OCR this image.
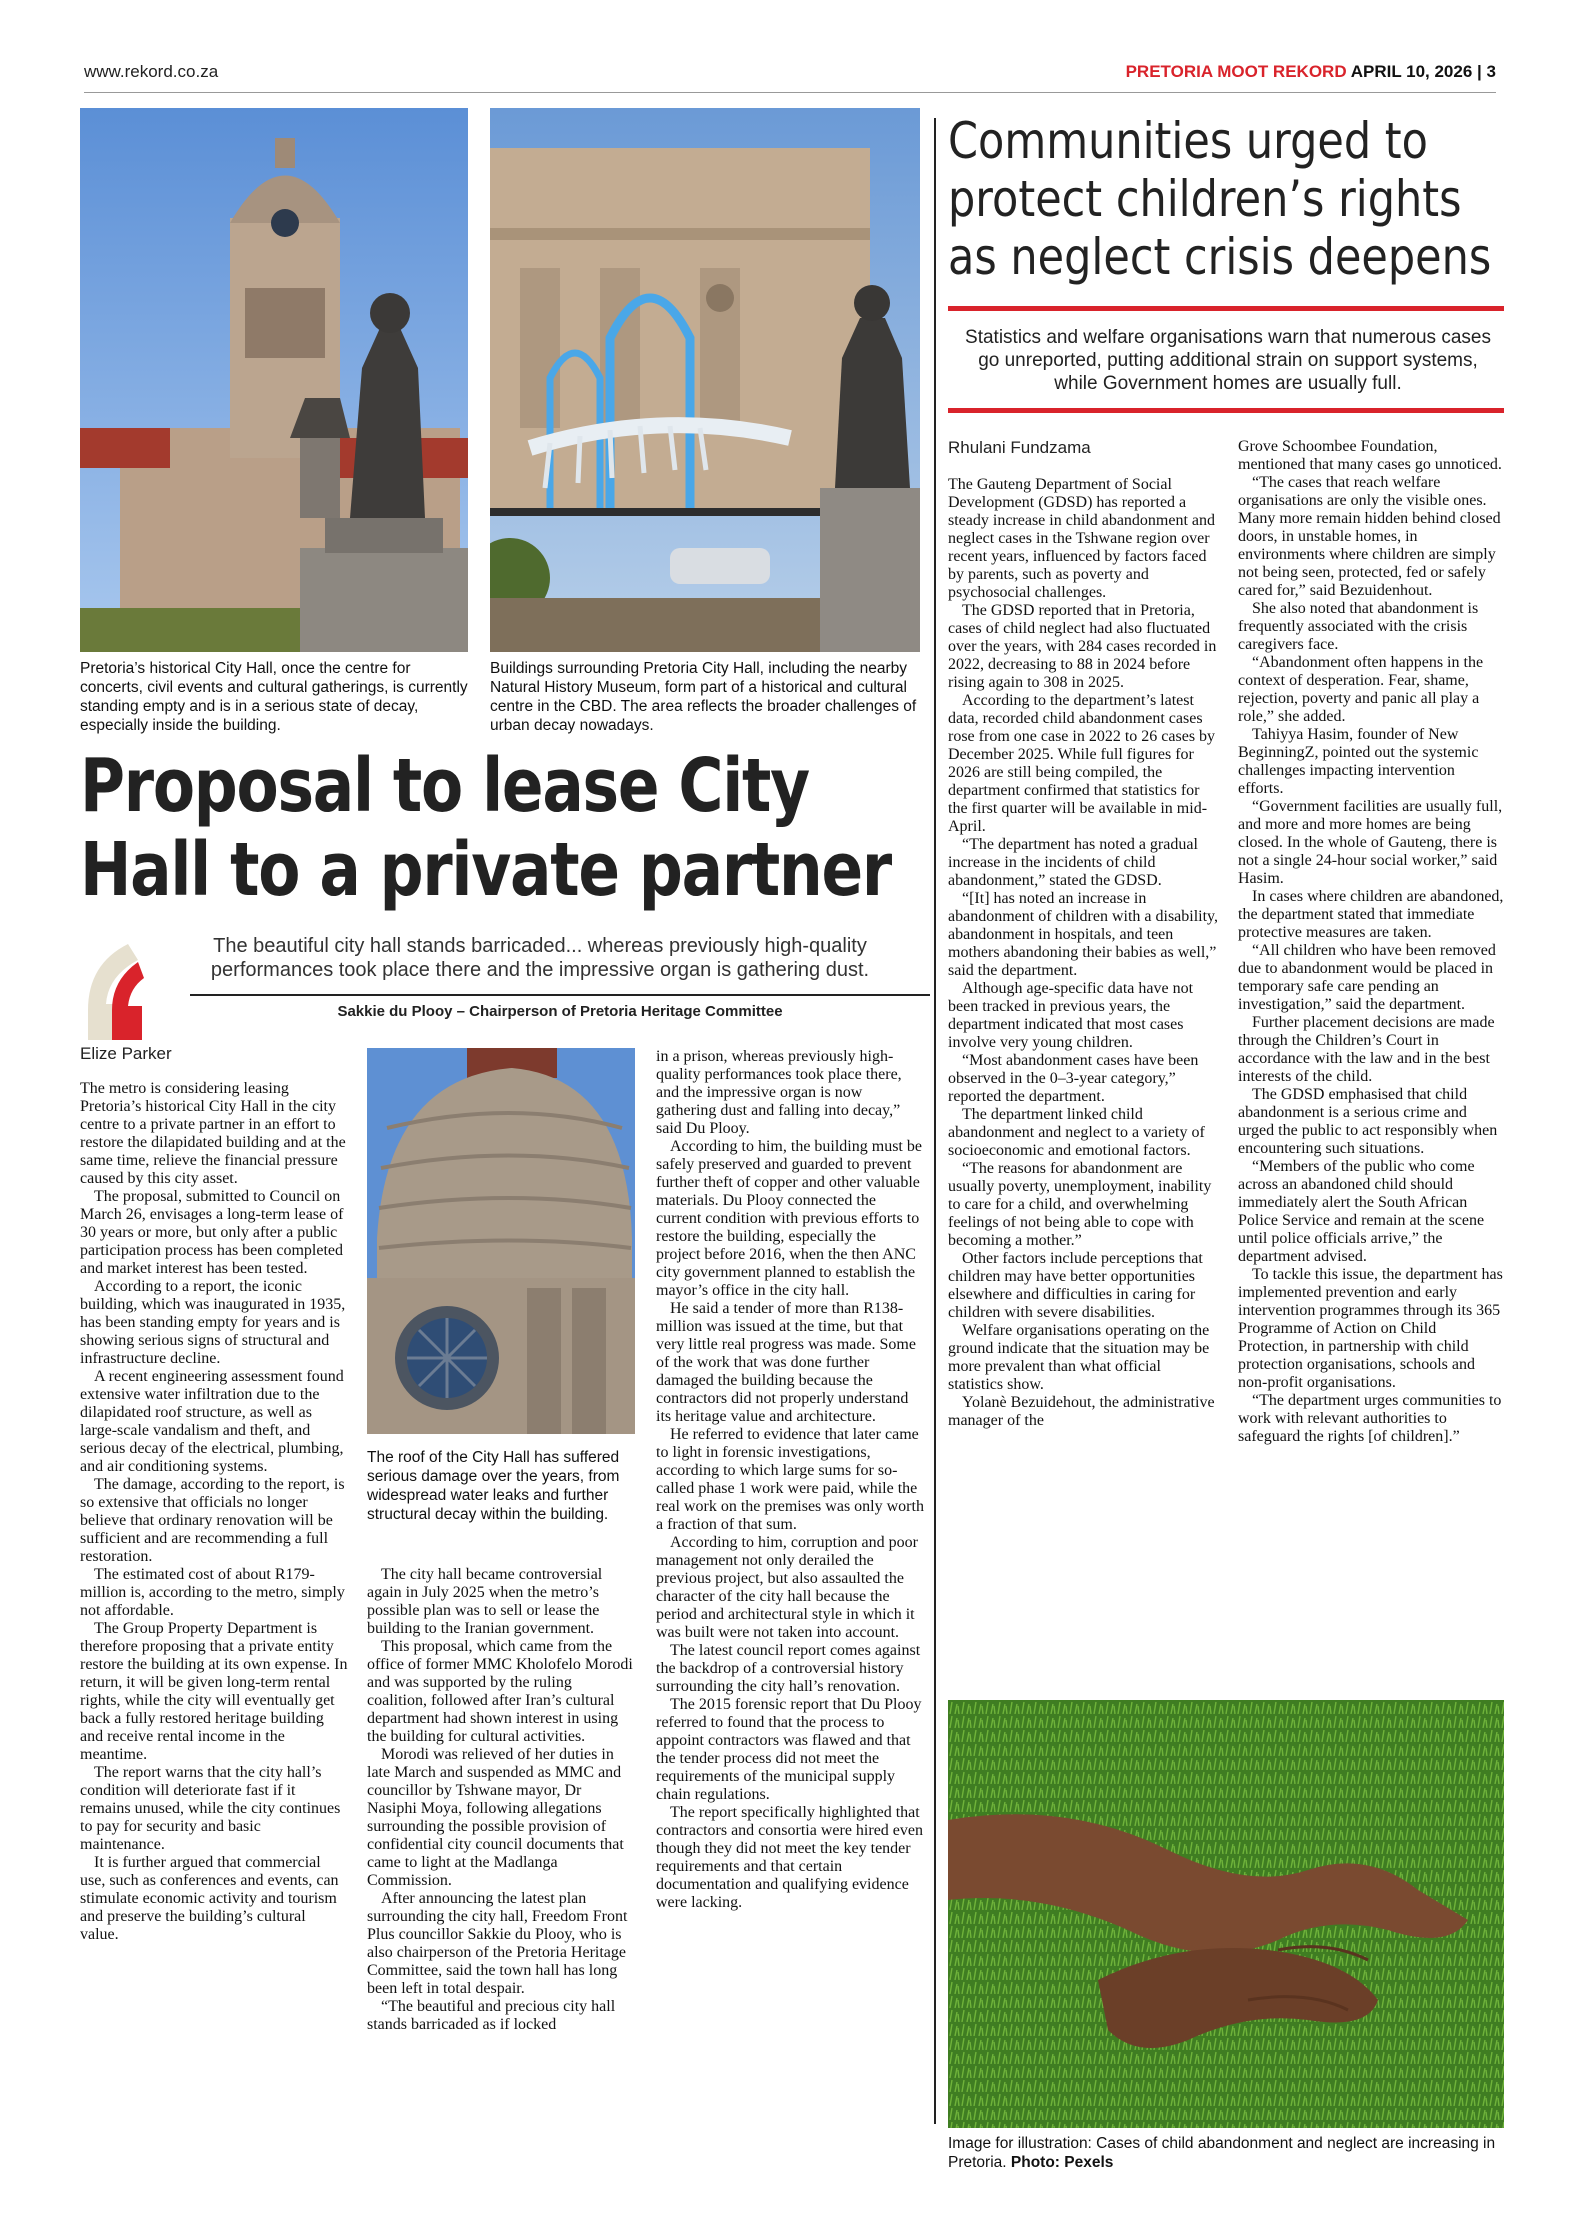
www.rekord.co.za	PRETORIA MOOT REKORD APRIL 10, 2026 | 3
Pretoria’s historical City Hall, once the centre for concerts, civil events and cultural gatherings, is currently standing empty and is in a serious state of decay, especially inside the building.
Buildings surrounding Pretoria City Hall, including the nearby Natural History Museum, form part of a historical and cultural centre in the CBD. The area reflects the broader challenges of urban decay nowadays.
Proposal to lease City
Hall to a private partner
The beautiful city hall stands barricaded... whereas previously high-quality performances took place there and the impressive organ is gathering dust.
Sakkie du Plooy – Chairperson of Pretoria Heritage Committee
Elize Parker

The metro is considering leasing Pretoria’s historical City Hall in the city centre to a private partner in an effort to restore the dilapidated building and at the same time, relieve the financial pressure caused by this city asset.

The proposal, submitted to Council on March 26, envisages a long-term lease of 30 years or more, but only after a public participation process has been completed and market interest has been tested.

According to a report, the iconic building, which was inaugurated in 1935, has been standing empty for years and is showing serious signs of structural and infrastructure decline.

A recent engineering assessment found extensive water infiltration due to the dilapidated roof structure, as well as large-scale vandalism and theft, and serious decay of the electrical, plumbing, and air conditioning systems.

The damage, according to the report, is so extensive that officials no longer believe that ordinary renovation will be sufficient and are recommending a full restoration.

The estimated cost of about R179-million is, according to the metro, simply not affordable.

The Group Property Department is therefore proposing that a private entity restore the building at its own expense. In return, it will be given long-term rental rights, while the city will eventually get back a fully restored heritage building and receive rental income in the meantime.

The report warns that the city hall’s condition will deteriorate fast if it remains unused, while the city continues to pay for security and basic maintenance.

It is further argued that commercial use, such as conferences and events, can stimulate economic activity and tourism and preserve the building’s cultural value.

The roof of the City Hall has suffered serious damage over the years, from widespread water leaks and further structural decay within the building.

The city hall became controversial again in July 2025 when the metro’s possible plan was to sell or lease the building to the Iranian government.

This proposal, which came from the office of former MMC Kholofelo Morodi and was supported by the ruling coalition, followed after Iran’s cultural department had shown interest in using the building for cultural activities.

Morodi was relieved of her duties in late March and suspended as MMC and councillor by Tshwane mayor, Dr Nasiphi Moya, following allegations surrounding the possible provision of confidential city council documents that came to light at the Madlanga Commission.

After announcing the latest plan surrounding the city hall, Freedom Front Plus councillor Sakkie du Plooy, who is also chairperson of the Pretoria Heritage Committee, said the town hall has long been left in total despair.

“The beautiful and precious city hall stands barricaded as if locked

in a prison, whereas previously high-quality performances took place there, and the impressive organ is now gathering dust and falling into decay,” said Du Plooy.

According to him, the building must be safely preserved and guarded to prevent further theft of copper and other valuable materials. Du Plooy connected the current condition with previous efforts to restore the building, especially the project before 2016, when the then ANC city government planned to establish the mayor’s office in the city hall.

He said a tender of more than R138-million was issued at the time, but that very little real progress was made. Some of the work that was done further damaged the building because the contractors did not properly understand its heritage value and architecture.

He referred to evidence that later came to light in forensic investigations, according to which large sums for so-called phase 1 work were paid, while the real work on the premises was only worth a fraction of that sum.

According to him, corruption and poor management not only derailed the previous project, but also assaulted the character of the city hall because the period and architectural style in which it was built were not taken into account.

The latest council report comes against the backdrop of a controversial history surrounding the city hall’s renovation.

The 2015 forensic report that Du Plooy referred to found that the process to appoint contractors was flawed and that the tender process did not meet the requirements of the municipal supply chain regulations.

The report specifically highlighted that contractors and consortia were hired even though they did not meet the key tender requirements and that certain documentation and qualifying evidence were lacking.

Communities urged to
protect children’s rights
as neglect crisis deepens
Statistics and welfare organisations warn that numerous cases go unreported, putting additional strain on support systems, while Government homes are usually full.
Rhulani Fundzama

The Gauteng Department of Social Development (GDSD) has reported a steady increase in child abandonment and neglect cases in the Tshwane region over recent years, influenced by factors faced by parents, such as poverty and psychosocial challenges.

The GDSD reported that in Pretoria, cases of child neglect had also fluctuated over the years, with 284 cases recorded in 2022, decreasing to 88 in 2024 before rising again to 308 in 2025.

According to the department’s latest data, recorded child abandonment cases rose from one case in 2022 to 26 cases by December 2025. While full figures for 2026 are still being compiled, the department confirmed that statistics for the first quarter will be available in mid-April.

“The department has noted a gradual increase in the incidents of child abandonment,” stated the GDSD.

“[It] has noted an increase in abandonment of children with a disability, abandonment in hospitals, and teen mothers abandoning their babies as well,” said the department.

Although age-specific data have not been tracked in previous years, the department indicated that most cases involve very young children.

“Most abandonment cases have been observed in the 0–3-year category,” reported the department.

The department linked child abandonment and neglect to a variety of socioeconomic and emotional factors.

“The reasons for abandonment are usually poverty, unemployment, inability to care for a child, and overwhelming feelings of not being able to cope with becoming a mother.”

Other factors include perceptions that children may have better opportunities elsewhere and difficulties in caring for children with severe disabilities.

Welfare organisations operating on the ground indicate that the situation may be more prevalent than what official statistics show.

Yolanè Bezuidehout, the administrative manager of the

Grove Schoombee Foundation, mentioned that many cases go unnoticed.

“The cases that reach welfare organisations are only the visible ones. Many more remain hidden behind closed doors, in unstable homes, in environments where children are simply not being seen, protected, fed or safely cared for,” said Bezuidenhout.

She also noted that abandonment is frequently associated with the crisis caregivers face.

“Abandonment often happens in the context of desperation. Fear, shame, rejection, poverty and panic all play a role,” she added.

Tahiyya Hasim, founder of New BeginningZ, pointed out the systemic challenges impacting intervention efforts.

“Government facilities are usually full, and more and more homes are being closed. In the whole of Gauteng, there is not a single 24-hour social worker,” said Hasim.

In cases where children are abandoned, the department stated that immediate protective measures are taken.

“All children who have been removed due to abandonment would be placed in temporary safe care pending an investigation,” said the department.

Further placement decisions are made through the Children’s Court in accordance with the law and in the best interests of the child.

The GDSD emphasised that child abandonment is a serious crime and urged the public to act responsibly when encountering such situations.

“Members of the public who come across an abandoned child should immediately alert the South African Police Service and remain at the scene until police officials arrive,” the department advised.

To tackle this issue, the department has implemented prevention and early intervention programmes through its 365 Programme of Action on Child Protection, in partnership with child protection organisations, schools and non-profit organisations.

“The department urges communities to work with relevant authorities to safeguard the rights [of children].”

Image for illustration: Cases of child abandonment and neglect are increasing in Pretoria. Photo: Pexels
